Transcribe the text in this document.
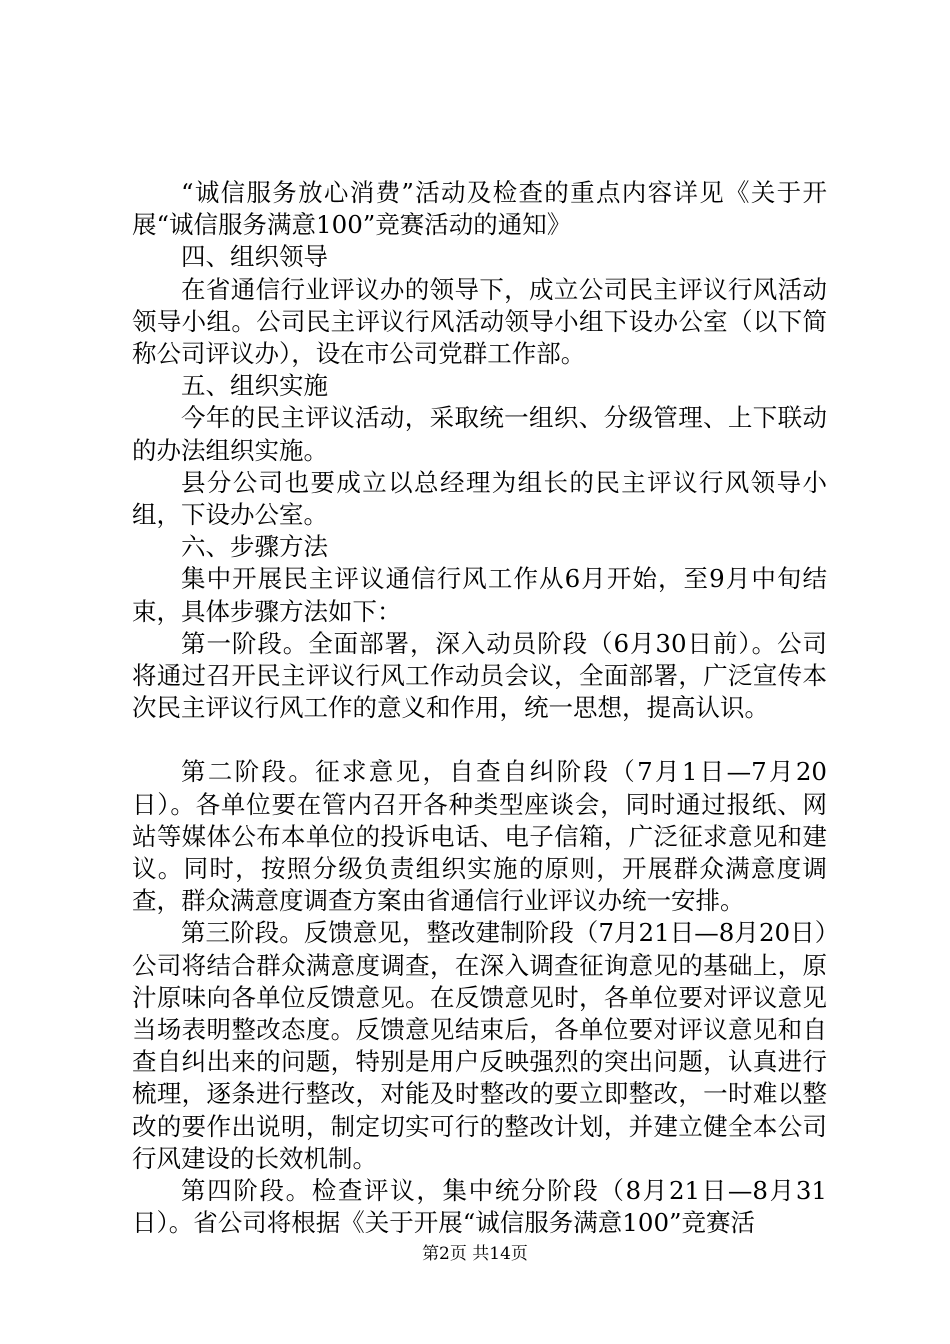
“诚信服务放心消费”活动及检查的重点内容详见《关于开展“诚信服务满意100”竞赛活动的通知》

四、组织领导

在省通信行业评议办的领导下，成立公司民主评议行风活动领导小组。公司民主评议行风活动领导小组下设办公室（以下简称公司评议办），设在市公司党群工作部。

五、组织实施

今年的民主评议活动，采取统一组织、分级管理、上下联动的办法组织实施。

县分公司也要成立以总经理为组长的民主评议行风领导小组，下设办公室。

六、步骤方法

集中开展民主评议通信行风工作从6月开始，至9月中旬结束，具体步骤方法如下：

第一阶段。全面部署，深入动员阶段（6月30日前）。公司将通过召开民主评议行风工作动员会议，全面部署，广泛宣传本次民主评议行风工作的意义和作用，统一思想，提高认识。

第二阶段。征求意见，自查自纠阶段（7月1日—7月20日）。各单位要在管内召开各种类型座谈会，同时通过报纸、网站等媒体公布本单位的投诉电话、电子信箱，广泛征求意见和建议。同时，按照分级负责组织实施的原则，开展群众满意度调查，群众满意度调查方案由省通信行业评议办统一安排。

第三阶段。反馈意见，整改建制阶段（7月21日—8月20日）公司将结合群众满意度调查，在深入调查征询意见的基础上，原汁原味向各单位反馈意见。在反馈意见时，各单位要对评议意见当场表明整改态度。反馈意见结束后，各单位要对评议意见和自查自纠出来的问题，特别是用户反映强烈的突出问题，认真进行梳理，逐条进行整改，对能及时整改的要立即整改，一时难以整改的要作出说明，制定切实可行的整改计划，并建立健全本公司行风建设的长效机制。

第四阶段。检查评议，集中统分阶段（8月21日—8月31日）。省公司将根据《关于开展“诚信服务满意100”竞赛活

第2页 共14页
